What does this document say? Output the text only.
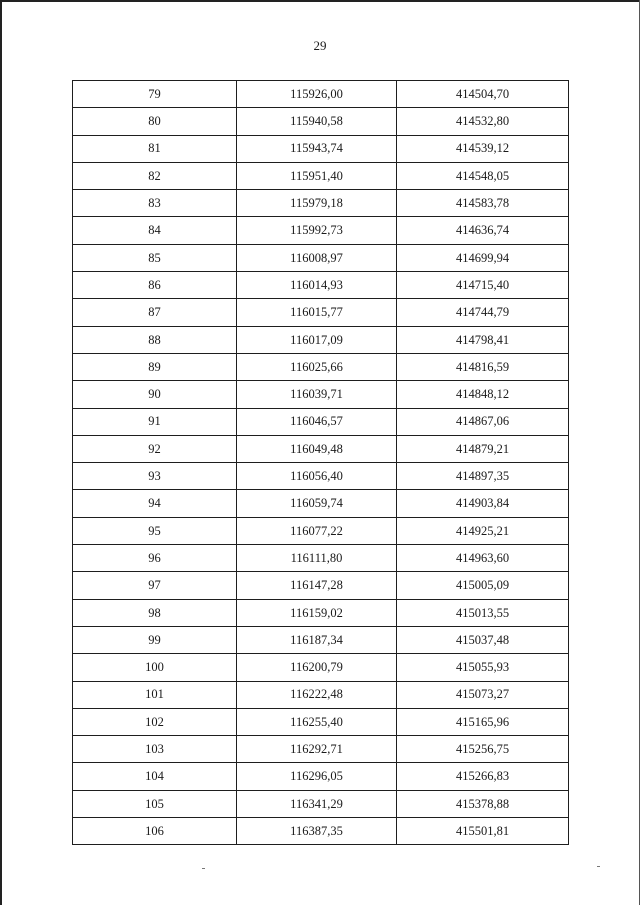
29
79	115926,00	414504,70
80	115940,58	414532,80
81	115943,74	414539,12
82	115951,40	414548,05
83	115979,18	414583,78
84	115992,73	414636,74
85	116008,97	414699,94
86	116014,93	414715,40
87	116015,77	414744,79
88	116017,09	414798,41
89	116025,66	414816,59
90	116039,71	414848,12
91	116046,57	414867,06
92	116049,48	414879,21
93	116056,40	414897,35
94	116059,74	414903,84
95	116077,22	414925,21
96	116111,80	414963,60
97	116147,28	415005,09
98	116159,02	415013,55
99	116187,34	415037,48
100	116200,79	415055,93
101	116222,48	415073,27
102	116255,40	415165,96
103	116292,71	415256,75
104	116296,05	415266,83
105	116341,29	415378,88
106	116387,35	415501,81
